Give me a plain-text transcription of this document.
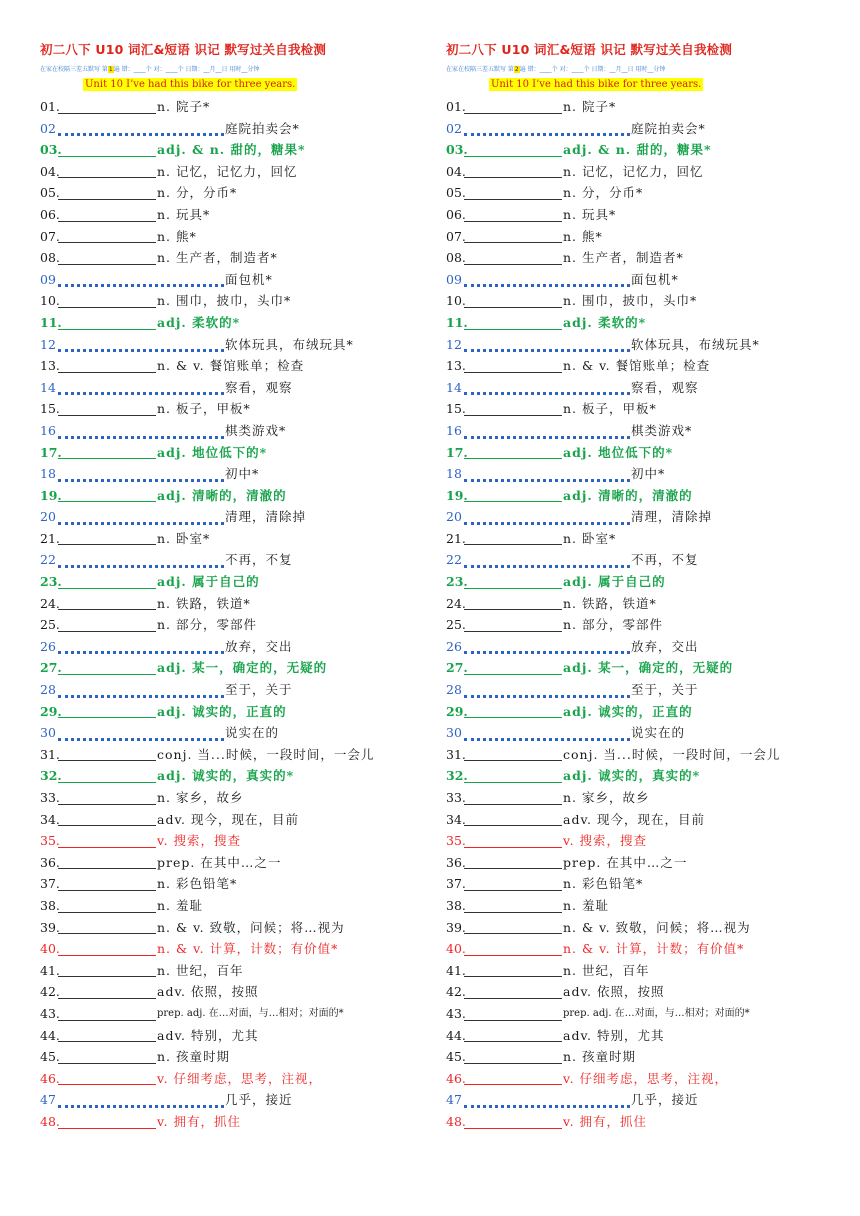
初二八下 U10 词汇&短语 识记 默写过关自我检测
在家在校隔三差五默写 第1遍 错：____个 对：____个 日期：__月__日 用时__分钟
Unit 10 I’ve had this bike for three years.
01.	n. 院子*
02	庭院拍卖会*
03.	adj. & n. 甜的，糖果*
04.	n. 记忆，记忆力，回忆
05.	n. 分，分币*
06.	n. 玩具*
07.	n. 熊*
08.	n. 生产者，制造者*
09	面包机*
10.	n. 围巾，披巾，头巾*
11.	adj. 柔软的*
12	软体玩具，布绒玩具*
13.	n. & v. 餐馆账单；检查
14	察看，观察
15.	n. 板子，甲板*
16	棋类游戏*
17.	adj. 地位低下的*
18	初中*
19.	adj. 清晰的，清澈的
20	清理，清除掉
21.	n. 卧室*
22	不再，不复
23.	adj. 属于自己的
24.	n. 铁路，铁道*
25.	n. 部分，零部件
26	放弃，交出
27.	adj. 某一，确定的，无疑的
28	至于，关于
29.	adj. 诚实的，正直的
30	说实在的
31.	conj. 当...时候，一段时间，一会儿
32.	adj. 诚实的，真实的*
33.	n. 家乡，故乡
34.	adv. 现今，现在，目前
35.	v. 搜索，搜查
36.	prep. 在其中…之一
37.	n. 彩色铅笔*
38.	n. 羞耻
39.	n. & v. 致敬，问候；将…视为
40.	n. & v. 计算，计数；有价值*
41.	n. 世纪，百年
42.	adv. 依照，按照
43.	prep. adj. 在…对面，与…相对；对面的*
44.	adv. 特别，尤其
45.	n. 孩童时期
46.	v. 仔细考虑，思考，注视，
47	几乎，接近
48.	v. 拥有，抓住
初二八下 U10 词汇&短语 识记 默写过关自我检测
在家在校隔三差五默写 第2遍 错：____个 对：____个 日期：__月__日 用时__分钟
Unit 10 I’ve had this bike for three years.
01.	n. 院子*
02	庭院拍卖会*
03.	adj. & n. 甜的，糖果*
04.	n. 记忆，记忆力，回忆
05.	n. 分，分币*
06.	n. 玩具*
07.	n. 熊*
08.	n. 生产者，制造者*
09	面包机*
10.	n. 围巾，披巾，头巾*
11.	adj. 柔软的*
12	软体玩具，布绒玩具*
13.	n. & v. 餐馆账单；检查
14	察看，观察
15.	n. 板子，甲板*
16	棋类游戏*
17.	adj. 地位低下的*
18	初中*
19.	adj. 清晰的，清澈的
20	清理，清除掉
21.	n. 卧室*
22	不再，不复
23.	adj. 属于自己的
24.	n. 铁路，铁道*
25.	n. 部分，零部件
26	放弃，交出
27.	adj. 某一，确定的，无疑的
28	至于，关于
29.	adj. 诚实的，正直的
30	说实在的
31.	conj. 当...时候，一段时间，一会儿
32.	adj. 诚实的，真实的*
33.	n. 家乡，故乡
34.	adv. 现今，现在，目前
35.	v. 搜索，搜查
36.	prep. 在其中…之一
37.	n. 彩色铅笔*
38.	n. 羞耻
39.	n. & v. 致敬，问候；将…视为
40.	n. & v. 计算，计数；有价值*
41.	n. 世纪，百年
42.	adv. 依照，按照
43.	prep. adj. 在…对面，与…相对；对面的*
44.	adv. 特别，尤其
45.	n. 孩童时期
46.	v. 仔细考虑，思考，注视，
47	几乎，接近
48.	v. 拥有，抓住
